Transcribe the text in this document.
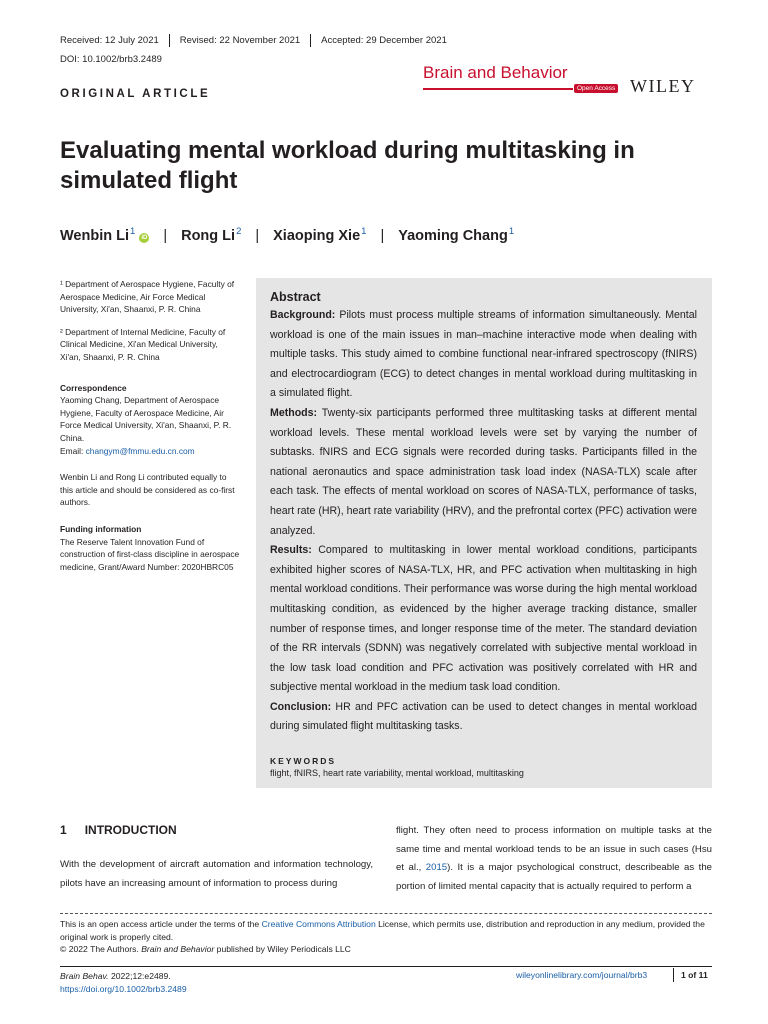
Received: 12 July 2021	Revised: 22 November 2021	Accepted: 29 December 2021
DOI: 10.1002/brb3.2489
ORIGINAL ARTICLE
Brain and Behavior
Open Access WILEY
Evaluating mental workload during multitasking in simulated flight
Wenbin Li$^1$iD | Rong Li$^2$ | Xiaoping Xie$^1$ | Yaoming Chang$^1$

¹ Department of Aerospace Hygiene, Faculty of Aerospace Medicine, Air Force Medical University, Xi'an, Shaanxi, P. R. China

² Department of Internal Medicine, Faculty of Clinical Medicine, Xi'an Medical University, Xi'an, Shaanxi, P. R. China

Correspondence
Yaoming Chang, Department of Aerospace Hygiene, Faculty of Aerospace Medicine, Air Force Medical University, Xi'an, Shaanxi, P. R. China.
Email: changym@fmmu.edu.cn.com

Wenbin Li and Rong Li contributed equally to this article and should be considered as co-first authors.

Funding information
The Reserve Talent Innovation Fund of construction of first-class discipline in aerospace medicine, Grant/Award Number: 2020HBRC05

Abstract

Background: Pilots must process multiple streams of information simultaneously. Mental workload is one of the main issues in man–machine interactive mode when dealing with multiple tasks. This study aimed to combine functional near-infrared spectroscopy (fNIRS) and electrocardiogram (ECG) to detect changes in mental workload during multitasking in a simulated flight.

Methods: Twenty-six participants performed three multitasking tasks at different mental workload levels. These mental workload levels were set by varying the number of subtasks. fNIRS and ECG signals were recorded during tasks. Participants filled in the national aeronautics and space administration task load index (NASA-TLX) scale after each task. The effects of mental workload on scores of NASA-TLX, performance of tasks, heart rate (HR), heart rate variability (HRV), and the prefrontal cortex (PFC) activation were analyzed.

Results: Compared to multitasking in lower mental workload conditions, participants exhibited higher scores of NASA-TLX, HR, and PFC activation when multitasking in high mental workload conditions. Their performance was worse during the high mental workload multitasking condition, as evidenced by the higher average tracking distance, smaller number of response times, and longer response time of the meter. The standard deviation of the RR intervals (SDNN) was negatively correlated with subjective mental workload in the low task load condition and PFC activation was positively correlated with HR and subjective mental workload in the medium task load condition.

Conclusion: HR and PFC activation can be used to detect changes in mental workload during simulated flight multitasking tasks.

KEYWORDS
flight, fNIRS, heart rate variability, mental workload, multitasking
1 INTRODUCTION
With the development of aircraft automation and information technology, pilots have an increasing amount of information to process during
flight. They often need to process information on multiple tasks at the same time and mental workload tends to be an issue in such cases (Hsu et al., 2015). It is a major psychological construct, describeable as the portion of limited mental capacity that is actually required to perform a
This is an open access article under the terms of the Creative Commons Attribution License, which permits use, distribution and reproduction in any medium, provided the original work is properly cited.
© 2022 The Authors. Brain and Behavior published by Wiley Periodicals LLC
Brain Behav. 2022;12:e2489.
https://doi.org/10.1002/brb3.2489
wileyonlinelibrary.com/journal/brb3	1 of 11
